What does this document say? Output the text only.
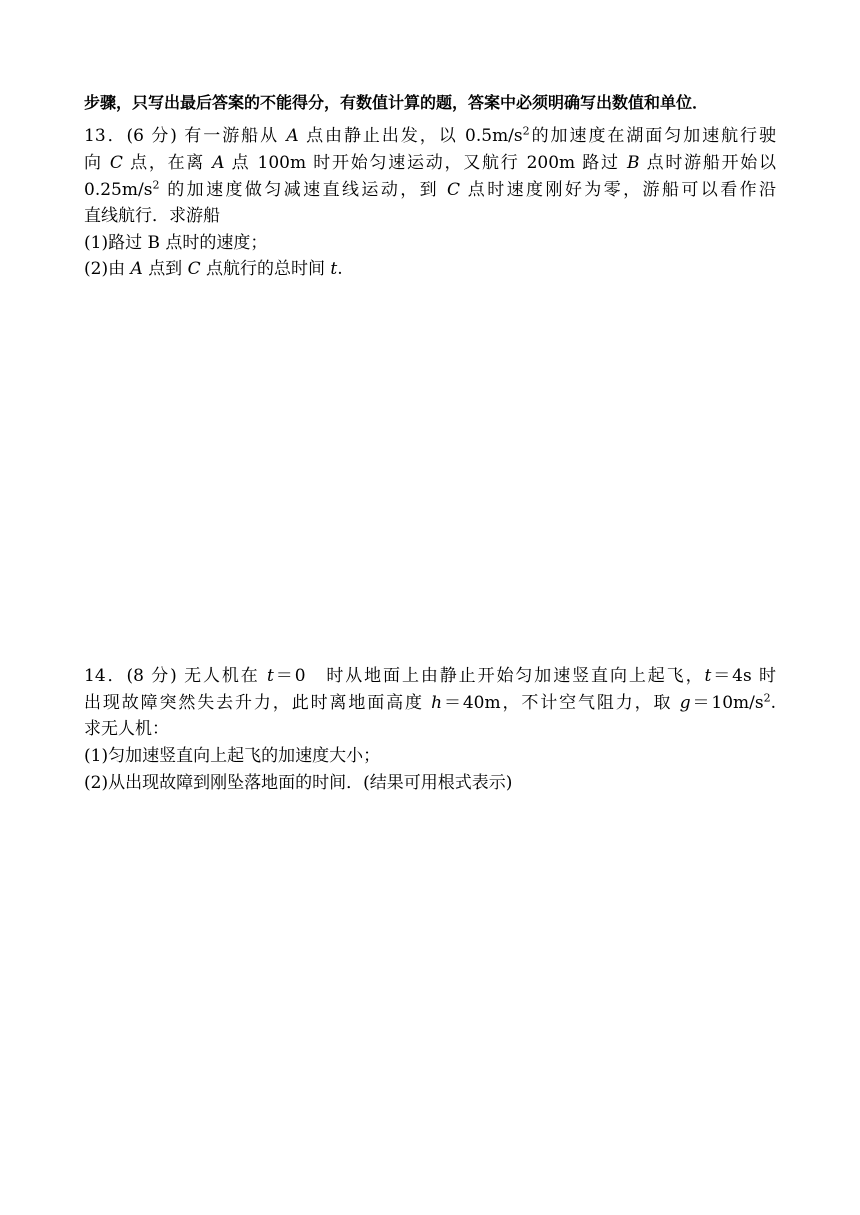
步骤，只写出最后答案的不能得分，有数值计算的题，答案中必须明确写出数值和单位．
13．(6 分) 有一游船从 A 点由静止出发，以 $0.5m/s^2$的加速度在湖面匀加速航行驶
向 C 点，在离 A 点 100m 时开始匀速运动，又航行 200m 路过 B 点时游船开始以
$0.25m/s^2$ 的加速度做匀减速直线运动，到 C 点时速度刚好为零，游船可以看作沿
直线航行．求游船
(1)路过 B 点时的速度；
(2)由 A 点到 C 点航行的总时间 t.
14．(8 分) 无人机在 t＝0　时从地面上由静止开始匀加速竖直向上起飞，t＝4s 时
出现故障突然失去升力，此时离地面高度 h＝40m，不计空气阻力，取 $g=10m/s^2$.
求无人机：
(1)匀加速竖直向上起飞的加速度大小；
(2)从出现故障到刚坠落地面的时间．(结果可用根式表示)
